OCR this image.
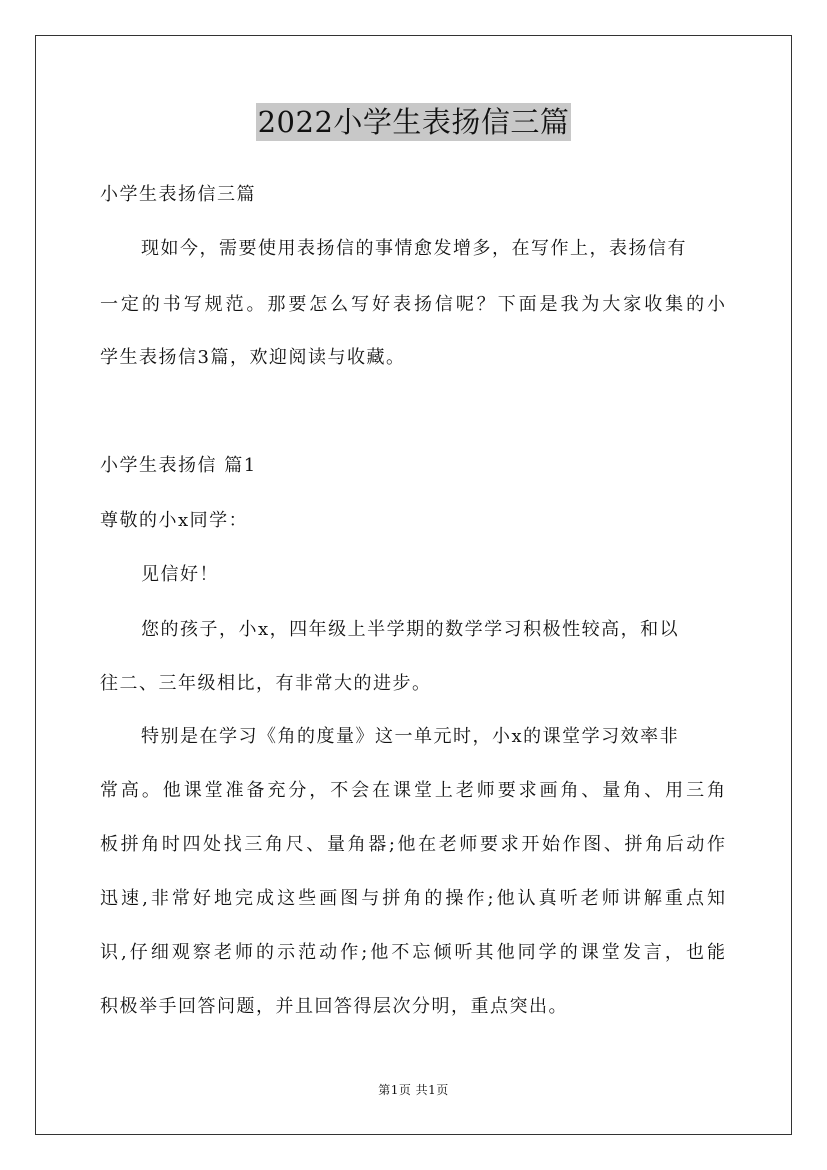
2022小学生表扬信三篇
小学生表扬信三篇
现如今，需要使用表扬信的事情愈发增多，在写作上，表扬信有
一定的书写规范。那要怎么写好表扬信呢？下面是我为大家收集的小
学生表扬信3篇，欢迎阅读与收藏。
小学生表扬信 篇1
尊敬的小x同学：
见信好！
您的孩子，小x，四年级上半学期的数学学习积极性较高，和以
往二、三年级相比，有非常大的进步。
特别是在学习《角的度量》这一单元时，小x的课堂学习效率非
常高。他课堂准备充分，不会在课堂上老师要求画角、量角、用三角
板拼角时四处找三角尺、量角器;他在老师要求开始作图、拼角后动作
迅速,非常好地完成这些画图与拼角的操作;他认真听老师讲解重点知
识,仔细观察老师的示范动作;他不忘倾听其他同学的课堂发言，也能
积极举手回答问题，并且回答得层次分明，重点突出。
第1页 共1页
